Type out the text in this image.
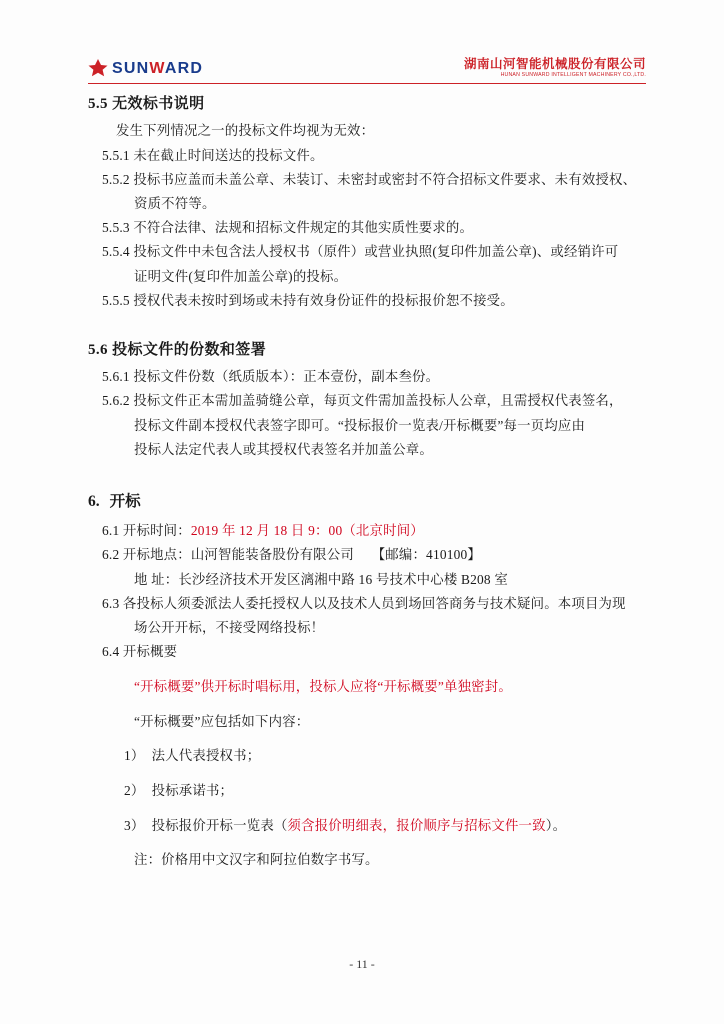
SUNWARD	湖南山河智能机械股份有限公司
HUNAN SUNWARD INTELLIGENT MACHINERY CO.,LTD.
5.5 无效标书说明
发生下列情况之一的投标文件均视为无效：
5.5.1 未在截止时间送达的投标文件。
5.5.2 投标书应盖而未盖公章、未装订、未密封或密封不符合招标文件要求、未有效授权、
资质不符等。
5.5.3 不符合法律、法规和招标文件规定的其他实质性要求的。
5.5.4 投标文件中未包含法人授权书（原件）或营业执照(复印件加盖公章)、或经销许可
证明文件(复印件加盖公章)的投标。
5.5.5 授权代表未按时到场或未持有效身份证件的投标报价恕不接受。
5.6 投标文件的份数和签署
5.6.1 投标文件份数（纸质版本）：正本壹份，副本叁份。
5.6.2 投标文件正本需加盖骑缝公章，每页文件需加盖投标人公章，且需授权代表签名，
投标文件副本授权代表签字即可。“投标报价一览表/开标概要”每一页均应由
投标人法定代表人或其授权代表签名并加盖公章。
6. 开标
6.1 开标时间：2019 年 12 月 18 日 9：00（北京时间）
6.2 开标地点：山河智能装备股份有限公司 【邮编：410100】
地 址：长沙经济技术开发区漓湘中路 16 号技术中心楼 B208 室
6.3 各投标人须委派法人委托授权人以及技术人员到场回答商务与技术疑问。本项目为现
场公开开标，不接受网络投标！
6.4 开标概要
“开标概要”供开标时唱标用，投标人应将“开标概要”单独密封。
“开标概要”应包括如下内容：
1） 法人代表授权书；
2） 投标承诺书；
3） 投标报价开标一览表（须含报价明细表，报价顺序与招标文件一致）。
注：价格用中文汉字和阿拉伯数字书写。
- 11 -
